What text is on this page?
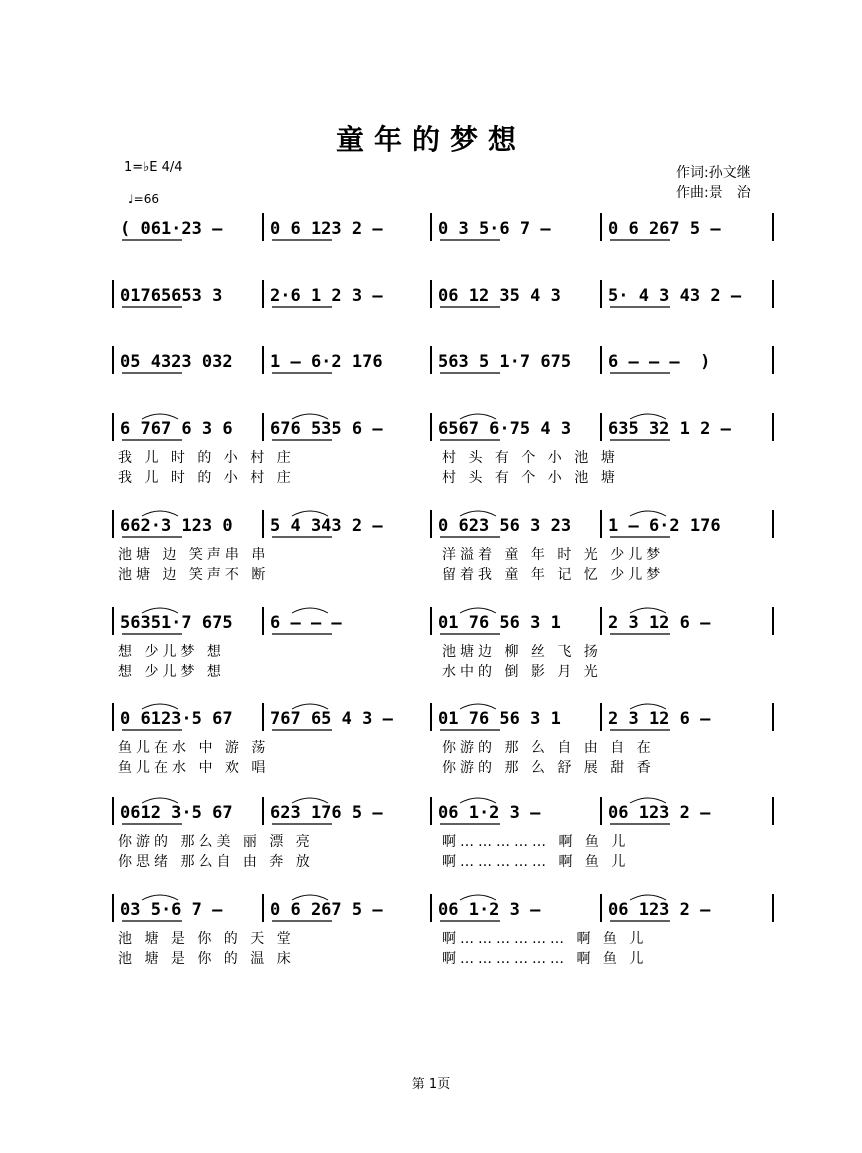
童年的梦想
1=♭E 4/4
♩=66
作词:孙文继
作曲:景　治
( 061·23 –	0 6 123 2 –	0 3 5·6 7 –	0 6 267 5 –
01765653 3	2·6 1 2 3 –	06 12 35 4 3	5· 4 3 43 2 –
05 4323 032 1 – 6·2 176	563 5 1·7 675 6 – – –  )
6 767 6 3 6 676 535 6 –	6567 6·75 4 3 635 32 1 2 –
我 儿 时 的 小 村 庄	村 头 有 个 小 池 塘
我 儿 时 的 小 村 庄	村 头 有 个 小 池 塘
662·3 123 0 5 4 343 2 –	0 623 56 3 23 1 – 6·2 176
池塘 边 笑声串 串	洋溢着 童 年 时 光 少儿梦
池塘 边 笑声不 断	留着我 童 年 记 忆 少儿梦
56351·7 675 6 – – –	01 76 56 3 1	2 3 12 6 –
想 少儿梦 想	池塘边 柳 丝 飞 扬
想 少儿梦 想	水中的 倒 影 月 光
0 6123·5 67 767 65 4 3 –	01 76 56 3 1	2 3 12 6 –
鱼儿在水 中 游 荡	你游的 那 么 自 由 自 在
鱼儿在水 中 欢 唱	你游的 那 么 舒 展 甜 香
0612 3·5 67 623 176 5 –	06 1·2 3 –	06 123 2 –
你游的 那么美 丽 漂 亮	啊…………… 啊 鱼 儿
你思绪 那么自 由 奔 放	啊…………… 啊 鱼 儿
03 5·6 7 –	0 6 267 5 –	06 1·2 3 –	06 123 2 –
池 塘 是 你 的 天 堂	啊……………… 啊 鱼 儿
池 塘 是 你 的 温 床	啊……………… 啊 鱼 儿
第 1页
